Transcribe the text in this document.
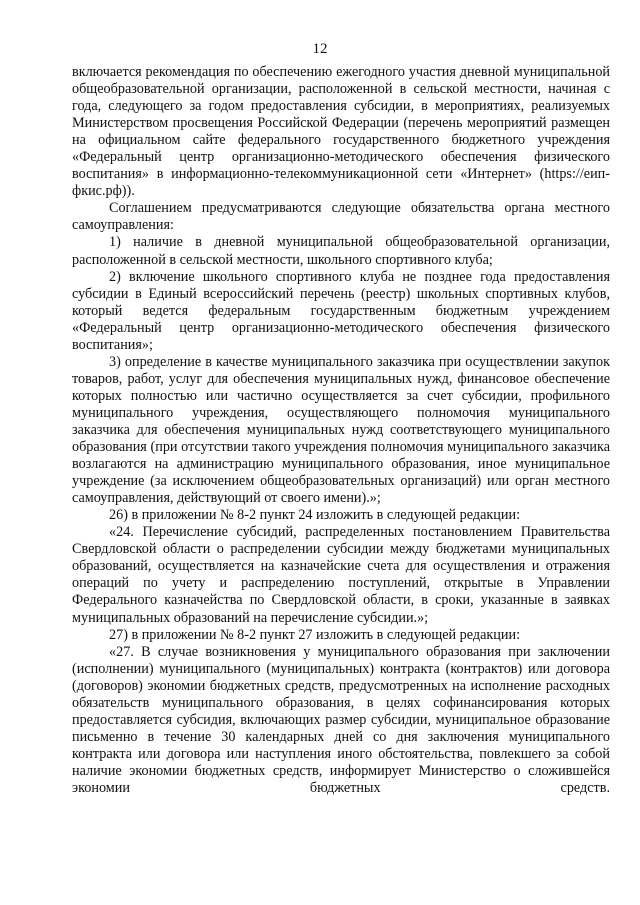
12

включается рекомендация по обеспечению ежегодного участия дневной муниципальной общеобразовательной организации, расположенной в сельской местности, начиная с года, следующего за годом предоставления субсидии, в мероприятиях, реализуемых Министерством просвещения Российской Федерации (перечень мероприятий размещен на официальном сайте федерального государственного бюджетного учреждения «Федеральный центр организационно-методического обеспечения физического воспитания» в информационно-телекоммуникационной сети «Интернет» (https://еип-фкис.рф)).

Соглашением предусматриваются следующие обязательства органа местного самоуправления:

1) наличие в дневной муниципальной общеобразовательной организации, расположенной в сельской местности, школьного спортивного клуба;

2) включение школьного спортивного клуба не позднее года предоставления субсидии в Единый всероссийский перечень (реестр) школьных спортивных клубов, который ведется федеральным государственным бюджетным учреждением «Федеральный центр организационно-методического обеспечения физического воспитания»;

3) определение в качестве муниципального заказчика при осуществлении закупок товаров, работ, услуг для обеспечения муниципальных нужд, финансовое обеспечение которых полностью или частично осуществляется за счет субсидии, профильного муниципального учреждения, осуществляющего полномочия муниципального заказчика для обеспечения муниципальных нужд соответствующего муниципального образования (при отсутствии такого учреждения полномочия муниципального заказчика возлагаются на администрацию муниципального образования, иное муниципальное учреждение (за исключением общеобразовательных организаций) или орган местного самоуправления, действующий от своего имени).»;

26) в приложении № 8-2 пункт 24 изложить в следующей редакции:

«24. Перечисление субсидий, распределенных постановлением Правительства Свердловской области о распределении субсидии между бюджетами муниципальных образований, осуществляется на казначейские счета для осуществления и отражения операций по учету и распределению поступлений, открытые в Управлении Федерального казначейства по Свердловской области, в сроки, указанные в заявках муниципальных образований на перечисление субсидии.»;

27) в приложении № 8-2 пункт 27 изложить в следующей редакции:

«27. В случае возникновения у муниципального образования при заключении (исполнении) муниципального (муниципальных) контракта (контрактов) или договора (договоров) экономии бюджетных средств, предусмотренных на исполнение расходных обязательств муниципального образования, в целях софинансирования которых предоставляется субсидия, включающих размер субсидии, муниципальное образование письменно в течение 30 календарных дней со дня заключения муниципального контракта или договора или наступления иного обстоятельства, повлекшего за собой наличие экономии бюджетных средств, информирует Министерство о сложившейся экономии бюджетных средств.
